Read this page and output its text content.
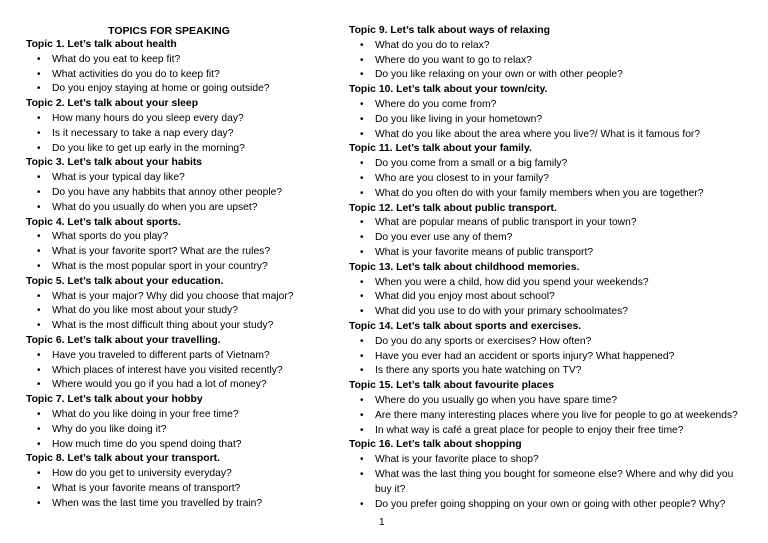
TOPICS FOR SPEAKING
Topic 1. Let’s talk about health
• What do you eat to keep fit?
• What activities do you do to keep fit?
• Do you enjoy staying at home or going outside?
Topic 2. Let’s talk about your sleep
• How many hours do you sleep every day?
• Is it necessary to take a nap every day?
• Do you like to get up early in the morning?
Topic 3. Let’s talk about your habits
• What is your typical day like?
• Do you have any habbits that annoy other people?
• What do you usually do when you are upset?
Topic 4. Let’s talk about sports.
• What sports do you play?
• What is your favorite sport? What are the rules?
• What is the most popular sport in your country?
Topic 5. Let’s talk about your education.
• What is your major? Why did you choose that major?
• What do you like most about your study?
• What is the most difficult thing about your study?
Topic 6. Let’s talk about your travelling.
• Have you traveled to different parts of Vietnam?
• Which places of interest have you visited recently?
• Where would you go if you had a lot of money?
Topic 7. Let’s talk about your hobby
• What do you like doing in your free time?
• Why do you like doing it?
• How much time do you spend doing that?
Topic 8. Let’s talk about your transport.
• How do you get to university everyday?
• What is your favorite means of transport?
• When was the last time you travelled by train?
Topic 9. Let’s talk about ways of relaxing
• What do you do to relax?
• Where do you want to go to relax?
• Do you like relaxing on your own or with other people?
Topic 10. Let’s talk about your town/city.
• Where do you come from?
• Do you like living in your hometown?
• What do you like about the area where you live?/ What is it famous for?
Topic 11. Let’s talk about your family.
• Do you come from a small or a big family?
• Who are you closest to in your family?
• What do you often do with your family members when you are together?
Topic 12. Let’s talk about public transport.
• What are popular means of public transport in your town?
• Do you ever use any of them?
• What is your favorite means of public transport?
Topic 13. Let’s talk about childhood memories.
• When you were a child, how did you spend your weekends?
• What did you enjoy most about school?
• What did you use to do with your primary schoolmates?
Topic 14. Let’s talk about sports and exercises.
• Do you do any sports or exercises? How often?
• Have you ever had an accident or sports injury? What happened?
• Is there any sports you hate watching on TV?
Topic 15. Let’s talk about favourite places
• Where do you usually go when you have spare time?
• Are there many interesting places where you live for people to go at weekends?
• In what way is café a great place for people to enjoy their free time?
Topic 16. Let’s talk about shopping
• What is your favorite place to shop?
• What was the last thing you bought for someone else? Where and why did you buy it?
• Do you prefer going shopping on your own or going with other people? Why?
1
